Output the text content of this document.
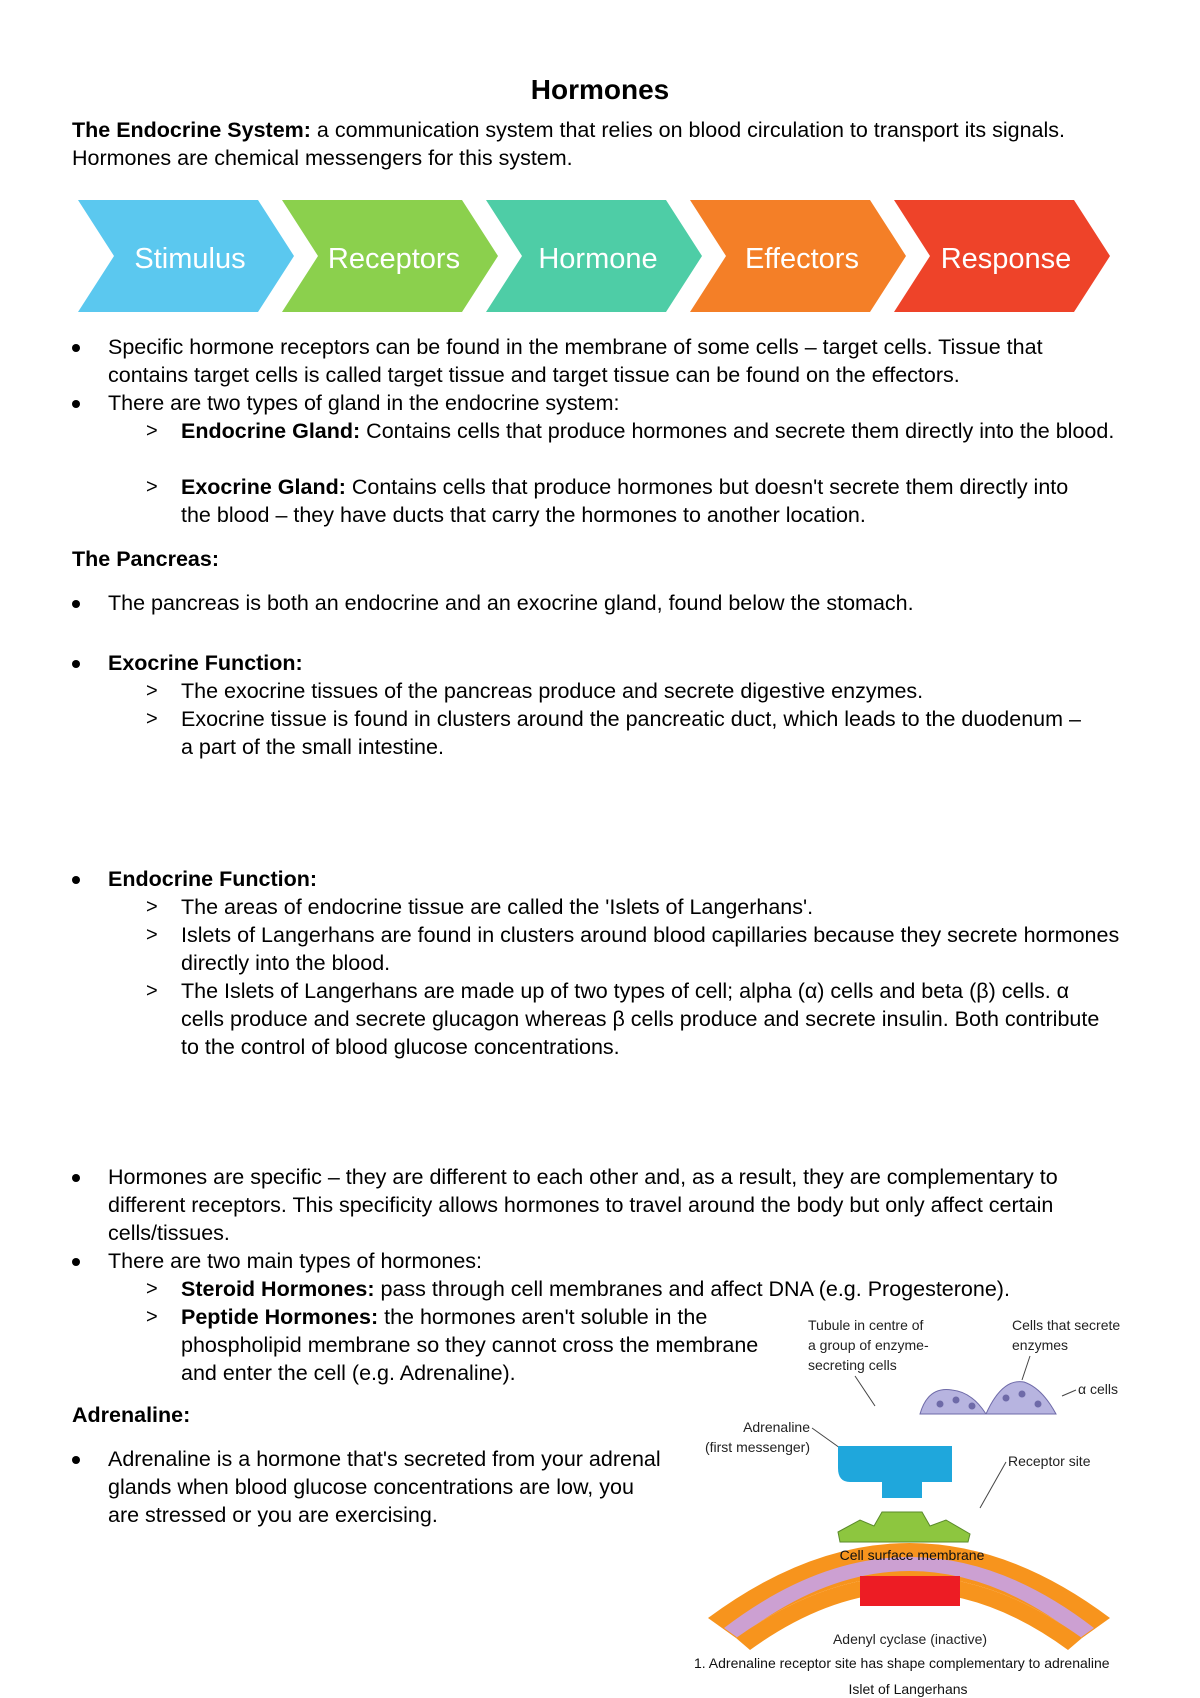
Hormones
The Endocrine System: a communication system that relies on blood circulation to transport its signals. Hormones are chemical messengers for this system.
Stimulus	Receptors	Hormone	Effectors	Response
Specific hormone receptors can be found in the membrane of some cells – target cells. Tissue that contains target cells is called target tissue and target tissue can be found on the effectors.
There are two types of gland in the endocrine system:
> Endocrine Gland: Contains cells that produce hormones and secrete them directly into the blood.
> Exocrine Gland: Contains cells that produce hormones but doesn't secrete them directly into the blood – they have ducts that carry the hormones to another location.
The Pancreas:
The pancreas is both an endocrine and an exocrine gland, found below the stomach.
Exocrine Function:
> The exocrine tissues of the pancreas produce and secrete digestive enzymes.
> Exocrine tissue is found in clusters around the pancreatic duct, which leads to the duodenum – a part of the small intestine.
Endocrine Function:
> The areas of endocrine tissue are called the 'Islets of Langerhans'.
> Islets of Langerhans are found in clusters around blood capillaries because they secrete hormones directly into the blood.
> The Islets of Langerhans are made up of two types of cell; alpha (α) cells and beta (β) cells. α cells produce and secrete glucagon whereas β cells produce and secrete insulin. Both contribute to the control of blood glucose concentrations.
Hormones are specific – they are different to each other and, as a result, they are complementary to different receptors. This specificity allows hormones to travel around the body but only affect certain cells/tissues.
There are two main types of hormones:
> Steroid Hormones: pass through cell membranes and affect DNA (e.g. Progesterone).
> Peptide Hormones: the hormones aren't soluble in the phospholipid membrane so they cannot cross the membrane and enter the cell (e.g. Adrenaline).
Adrenaline:
Adrenaline is a hormone that's secreted from your adrenal glands when blood glucose concentrations are low, you are stressed or you are exercising.
Tubule in centre of
a group of enzyme-
secreting cells
Cells that secrete
enzymes
α cells
Adrenaline
(first messenger)
Receptor site
Cell surface membrane
Adenyl cyclase (inactive)
1. Adrenaline receptor site has shape complementary to adrenaline
Islet of Langerhans
